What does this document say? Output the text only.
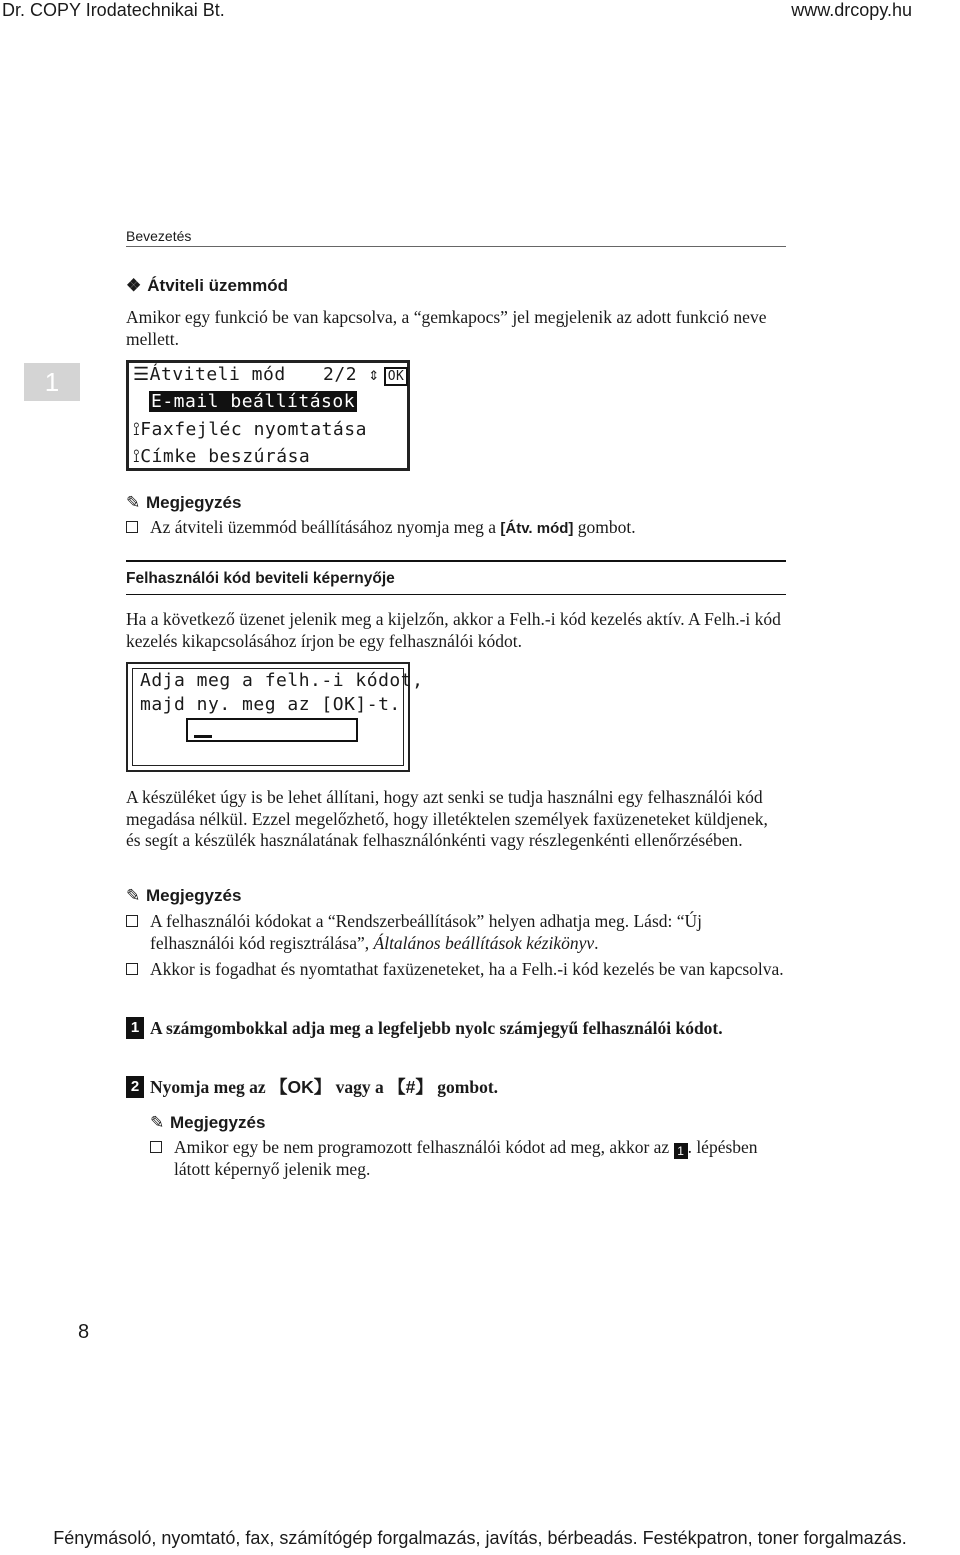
Dr. COPY Irodatechnikai Bt.	www.drcopy.hu
Bevezetés
1
❖ Átviteli üzemmód
Amikor egy funkció be van kapcsolva, a “gemkapocs” jel megjelenik az adott funkció neve mellett.
☰Átviteli mód 2/2 ⇕ OK
E-mail beállítások
⟟Faxfejléc nyomtatása
⟟Címke beszúrása
✎ Megjegyzés
Az átviteli üzemmód beállításához nyomja meg a [Átv. mód] gombot.
Felhasználói kód beviteli képernyője
Ha a következő üzenet jelenik meg a kijelzőn, akkor a Felh.-i kód kezelés aktív. A Felh.-i kód kezelés kikapcsolásához írjon be egy felhasználói kódot.
Adja meg a felh.-i kódot,
majd ny. meg az [OK]-t.
A készüléket úgy is be lehet állítani, hogy azt senki se tudja használni egy felhasználói kód megadása nélkül. Ezzel megelőzhető, hogy illetéktelen személyek faxüzeneteket küldjenek, és segít a készülék használatának felhasználónkénti vagy részlegenkénti ellenőrzésében.
✎ Megjegyzés
A felhasználói kódokat a “Rendszerbeállítások” helyen adhatja meg. Lásd: “Új felhasználói kód regisztrálása”, Általános beállítások kézikönyv.
Akkor is fogadhat és nyomtathat faxüzeneteket, ha a Felh.-i kód kezelés be van kapcsolva.
1 A számgombokkal adja meg a legfeljebb nyolc számjegyű felhasználói kódot.
2 Nyomja meg az 【OK】 vagy a 【#】 gombot.
✎ Megjegyzés
Amikor egy be nem programozott felhasználói kódot ad meg, akkor az 1 . lépésben látott képernyő jelenik meg.
8
Fénymásoló, nyomtató, fax, számítógép forgalmazás, javítás, bérbeadás. Festékpatron, toner forgalmazás.
